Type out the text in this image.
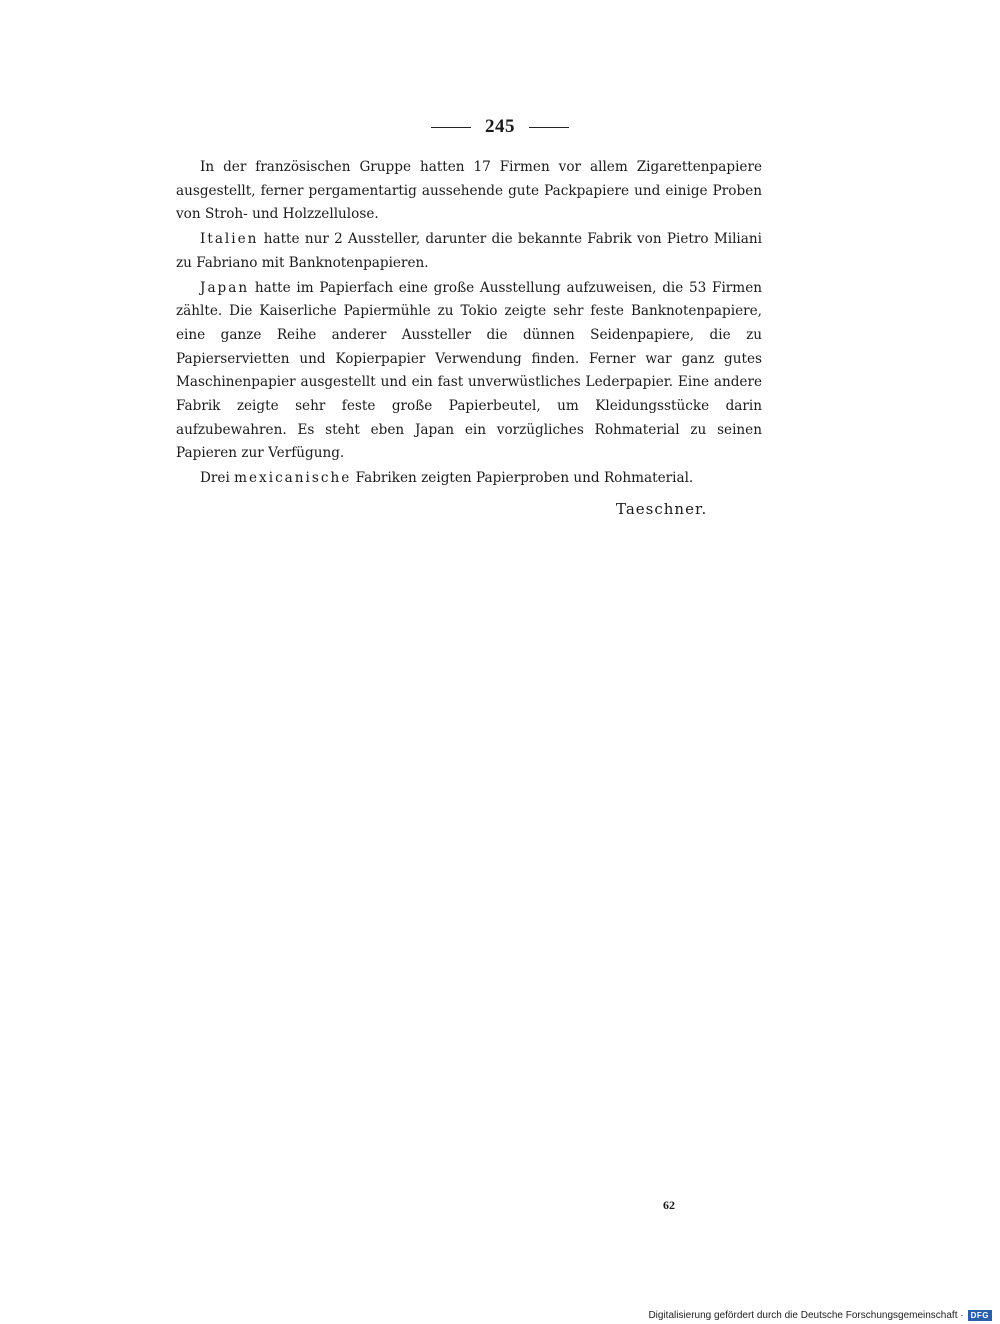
245

In der französischen Gruppe hatten 17 Firmen vor allem Zigarettenpapiere ausgestellt, ferner pergamentartig aussehende gute Packpapiere und einige Proben von Stroh- und Holzzellulose.

Italien hatte nur 2 Aussteller, darunter die bekannte Fabrik von Pietro Miliani zu Fabriano mit Banknotenpapieren.

Japan hatte im Papierfach eine große Ausstellung aufzuweisen, die 53 Firmen zählte. Die Kaiserliche Papiermühle zu Tokio zeigte sehr feste Banknotenpapiere, eine ganze Reihe anderer Aussteller die dünnen Seidenpapiere, die zu Papierservietten und Kopierpapier Verwendung finden. Ferner war ganz gutes Maschinenpapier ausgestellt und ein fast unverwüstliches Lederpapier. Eine andere Fabrik zeigte sehr feste große Papierbeutel, um Kleidungsstücke darin aufzubewahren. Es steht eben Japan ein vorzügliches Rohmaterial zu seinen Papieren zur Verfügung.

Drei mexicanische Fabriken zeigten Papierproben und Rohmaterial.

Taeschner.
62
Digitalisierung gefördert durch die Deutsche Forschungsgemeinschaft · DFG
